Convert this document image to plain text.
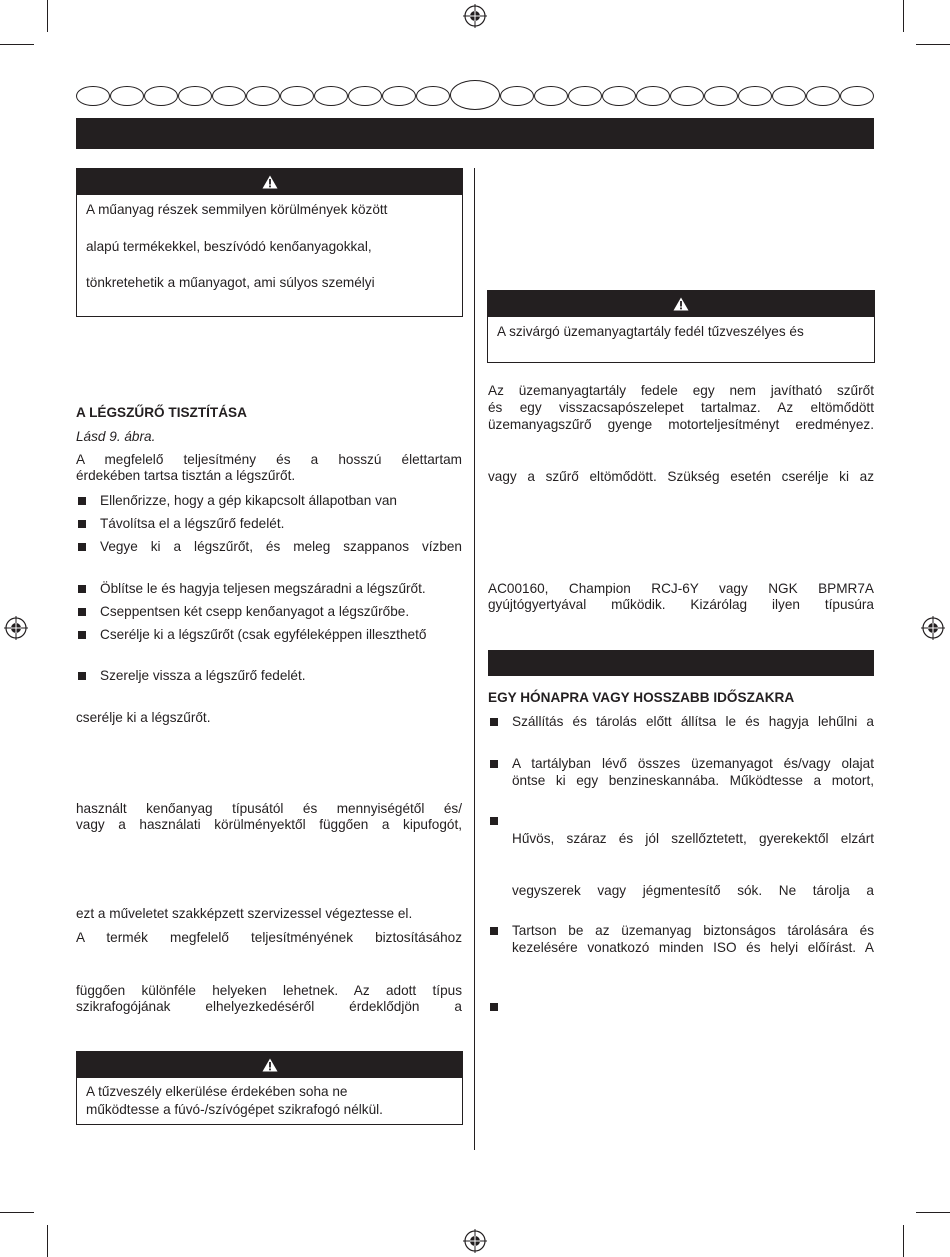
A műanyag részek semmilyen körülmények között
alapú termékekkel, beszívódó kenőanyagokkal,
tönkretehetik a műanyagot, ami súlyos személyi
A LÉGSZŰRŐ TISZTÍTÁSA
Lásd 9. ábra.
A megfelelő teljesítmény és a hosszú élettartam
érdekében tartsa tisztán a légszűrőt.
Ellenőrizze, hogy a gép kikapcsolt állapotban van
Távolítsa el a légszűrő fedelét.
Vegye ki a légszűrőt, és meleg szappanos vízben
Öblítse le és hagyja teljesen megszáradni a légszűrőt.
Cseppentsen két csepp kenőanyagot a légszűrőbe.
Cserélje ki a légszűrőt (csak egyféleképpen illeszthető
Szerelje vissza a légszűrő fedelét.
cserélje ki a légszűrőt.
használt kenőanyag típusától és mennyiségétől és/
vagy a használati körülményektől függően a kipufogót,
ezt a műveletet szakképzett szervizessel végeztesse el.
A termék megfelelő teljesítményének biztosításához
függően különféle helyeken lehetnek. Az adott típus
szikrafogójának elhelyezkedéséről érdeklődjön a
A tűzveszély elkerülése érdekében soha ne
működtesse a fúvó-/szívógépet szikrafogó nélkül.
A szivárgó üzemanyagtartály fedél tűzveszélyes és
Az üzemanyagtartály fedele egy nem javítható szűrőt
és egy visszacsapószelepet tartalmaz. Az eltömődött
üzemanyagszűrő gyenge motorteljesítményt eredményez.
vagy a szűrő eltömődött. Szükség esetén cserélje ki az
AC00160, Champion RCJ-6Y vagy NGK BPMR7A
gyújtógyertyával működik. Kizárólag ilyen típusúra
EGY HÓNAPRA VAGY HOSSZABB IDŐSZAKRA
Szállítás és tárolás előtt állítsa le és hagyja lehűlni a
A tartályban lévő összes üzemanyagot és/vagy olajat
öntse ki egy benzineskannába. Működtesse a motort,
Hűvös, száraz és jól szellőztetett, gyerekektől elzárt
vegyszerek vagy jégmentesítő sók. Ne tárolja a
Tartson be az üzemanyag biztonságos tárolására és
kezelésére vonatkozó minden ISO és helyi előírást. A
